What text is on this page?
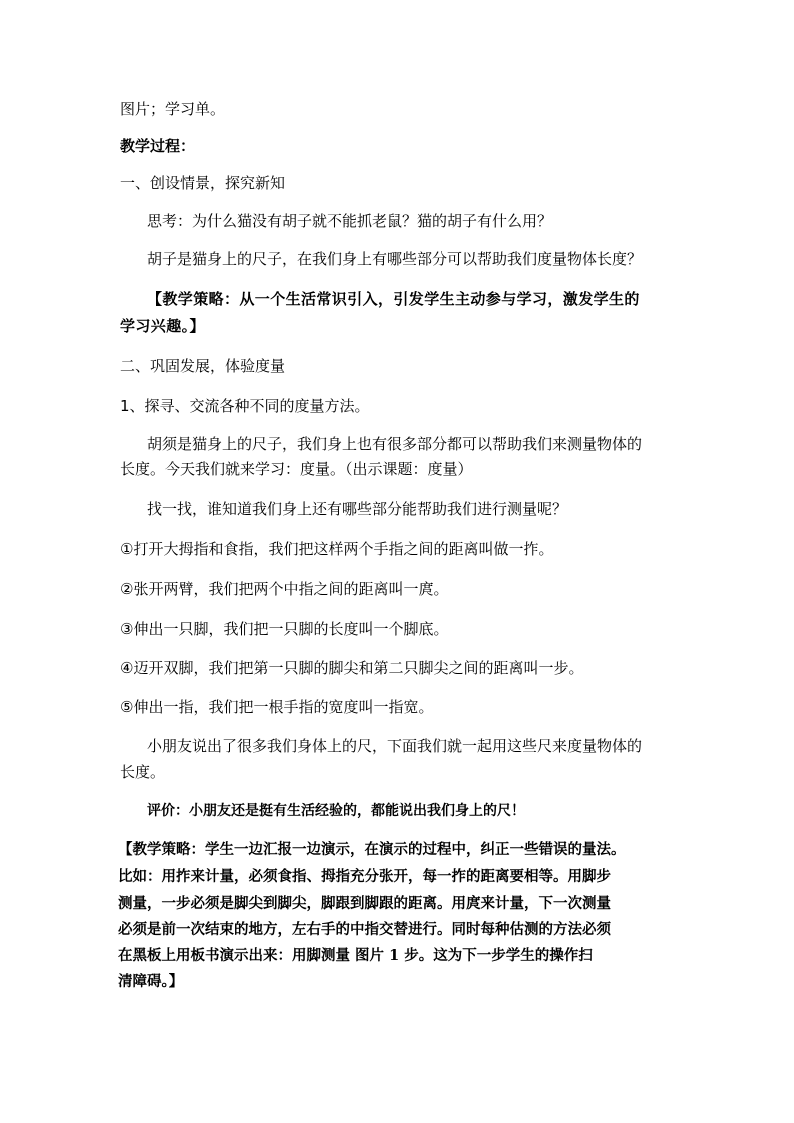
图片；学习单。
教学过程：
一、创设情景，探究新知
思考：为什么猫没有胡子就不能抓老鼠？猫的胡子有什么用？
胡子是猫身上的尺子，在我们身上有哪些部分可以帮助我们度量物体长度？
【教学策略：从一个生活常识引入，引发学生主动参与学习，激发学生的
学习兴趣。】
二、巩固发展，体验度量
1、探寻、交流各种不同的度量方法。
胡须是猫身上的尺子，我们身上也有很多部分都可以帮助我们来测量物体的
长度。今天我们就来学习：度量。（出示课题：度量）
找一找，谁知道我们身上还有哪些部分能帮助我们进行测量呢？
①打开大拇指和食指，我们把这样两个手指之间的距离叫做一拃。
②张开两臂，我们把两个中指之间的距离叫一庹。
③伸出一只脚，我们把一只脚的长度叫一个脚底。
④迈开双脚，我们把第一只脚的脚尖和第二只脚尖之间的距离叫一步。
⑤伸出一指，我们把一根手指的宽度叫一指宽。
小朋友说出了很多我们身体上的尺，下面我们就一起用这些尺来度量物体的
长度。
评价：小朋友还是挺有生活经验的，都能说出我们身上的尺！
【教学策略：学生一边汇报一边演示，在演示的过程中，纠正一些错误的量法。
比如：用拃来计量，必须食指、拇指充分张开，每一拃的距离要相等。用脚步
测量，一步必须是脚尖到脚尖，脚跟到脚跟的距离。用庹来计量，下一次测量
必须是前一次结束的地方，左右手的中指交替进行。同时每种估测的方法必须
在黑板上用板书演示出来：用脚测量 图片 1 步。这为下一步学生的操作扫
清障碍。】
